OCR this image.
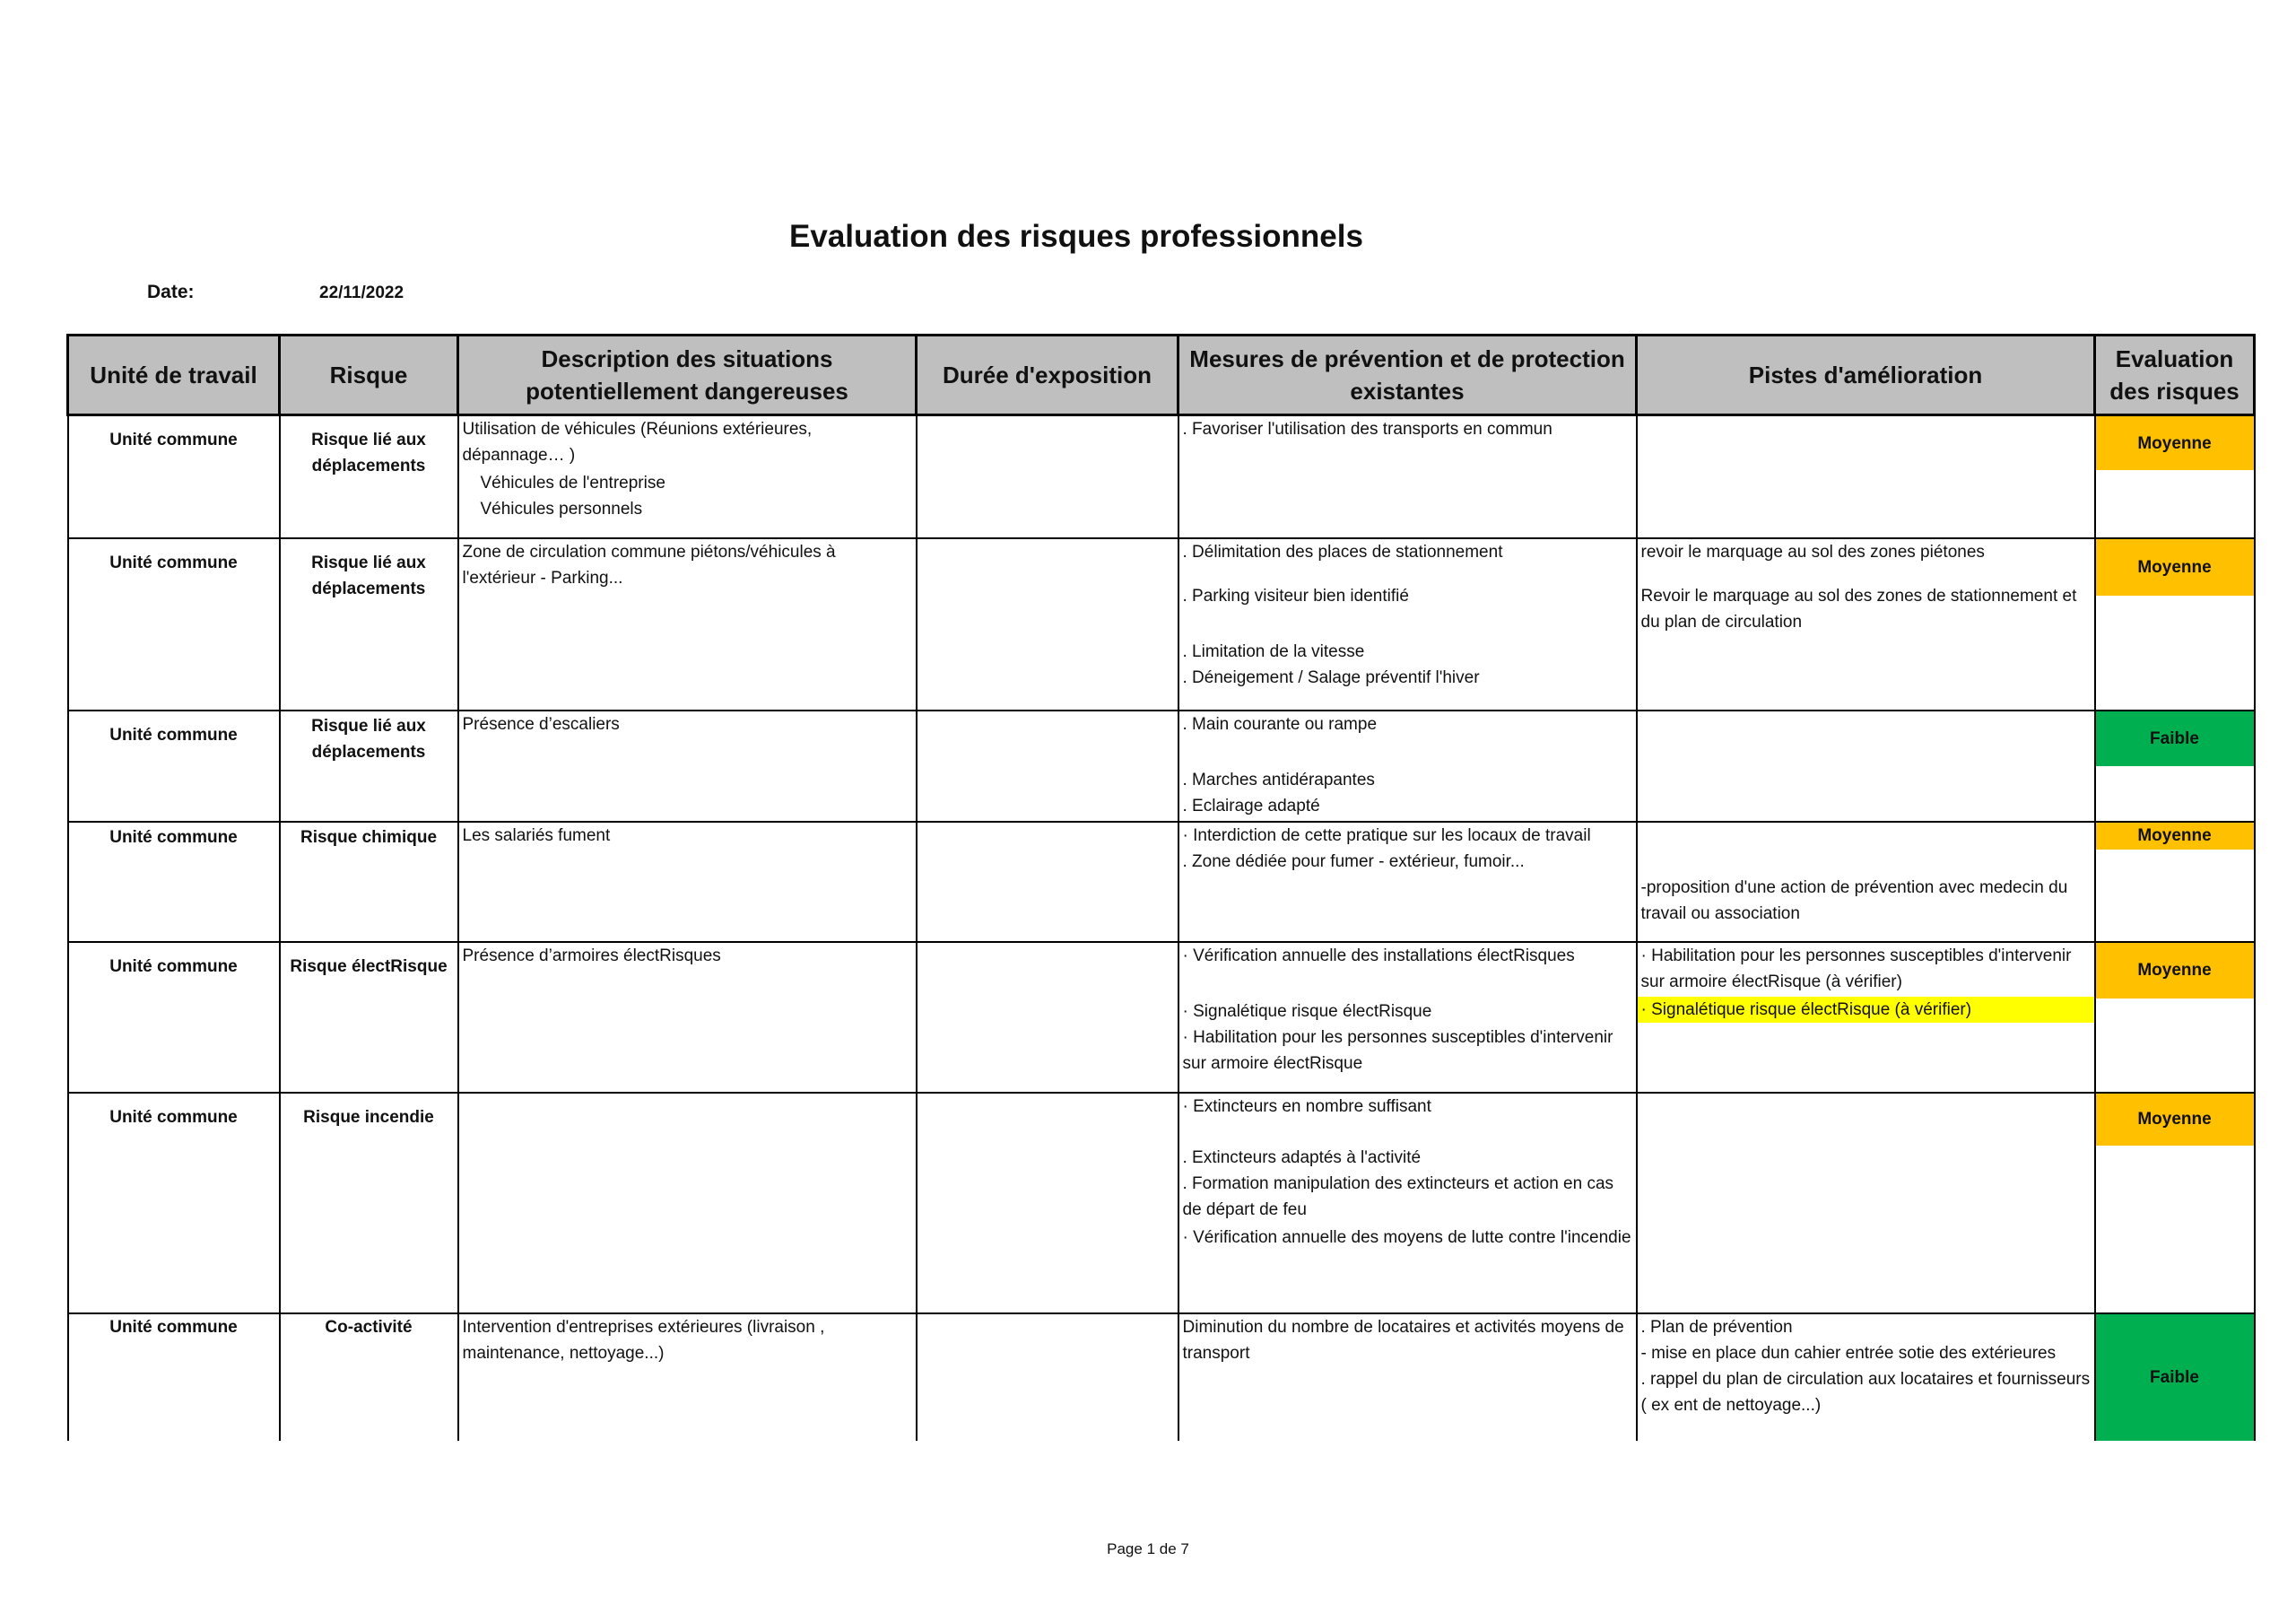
Evaluation des risques professionnels
Date:	22/11/2022
Unité de travail	Risque	Description des situations potentiellement dangereuses	Durée d'exposition	Mesures de prévention et de protection existantes	Pistes d'amélioration	Evaluation des risques

Unité commune	Risque lié aux déplacements	Utilisation de véhicules (Réunions extérieures, dépannage… )
Véhicules de l'entreprise
Véhicules personnels		. Favoriser l'utilisation des transports en commun		Moyenne

Unité commune	Risque lié aux déplacements	Zone de circulation commune piétons/véhicules à l'extérieur - Parking...		. Délimitation des places de stationnement
. Parking visiteur bien identifié
. Limitation de la vitesse
. Déneigement / Salage préventif l'hiver	revoir le marquage au sol des zones piétones
Revoir le marquage au sol des zones de stationnement et du plan de circulation	Moyenne

Unité commune	Risque lié aux déplacements	Présence d’escaliers		. Main courante ou rampe
. Marches antidérapantes
. Eclairage adapté		Faible

Unité commune	Risque chimique	Les salariés fument		· Interdiction de cette pratique sur les locaux de travail
. Zone dédiée pour fumer - extérieur, fumoir...	-proposition d'une action de prévention avec medecin du travail ou association	Moyenne

Unité commune	Risque électRisque	Présence d’armoires électRisques		· Vérification annuelle des installations électRisques
· Signalétique risque électRisque
· Habilitation pour les personnes susceptibles d'intervenir sur armoire électRisque	· Habilitation pour les personnes susceptibles d'intervenir sur armoire électRisque (à vérifier)
· Signalétique risque électRisque (à vérifier)	Moyenne

Unité commune	Risque incendie			· Extincteurs en nombre suffisant
. Extincteurs adaptés à l'activité
. Formation manipulation des extincteurs et action en cas de départ de feu
· Vérification annuelle des moyens de lutte contre l'incendie		Moyenne

Unité commune	Co-activité	Intervention d'entreprises extérieures (livraison , maintenance, nettoyage...)		Diminution du nombre de locataires et activités moyens de transport	. Plan de prévention
- mise en place dun cahier entrée sotie des extérieures
. rappel du plan de circulation aux locataires et fournisseurs ( ex ent de nettoyage...)	Faible
Page 1 de 7
